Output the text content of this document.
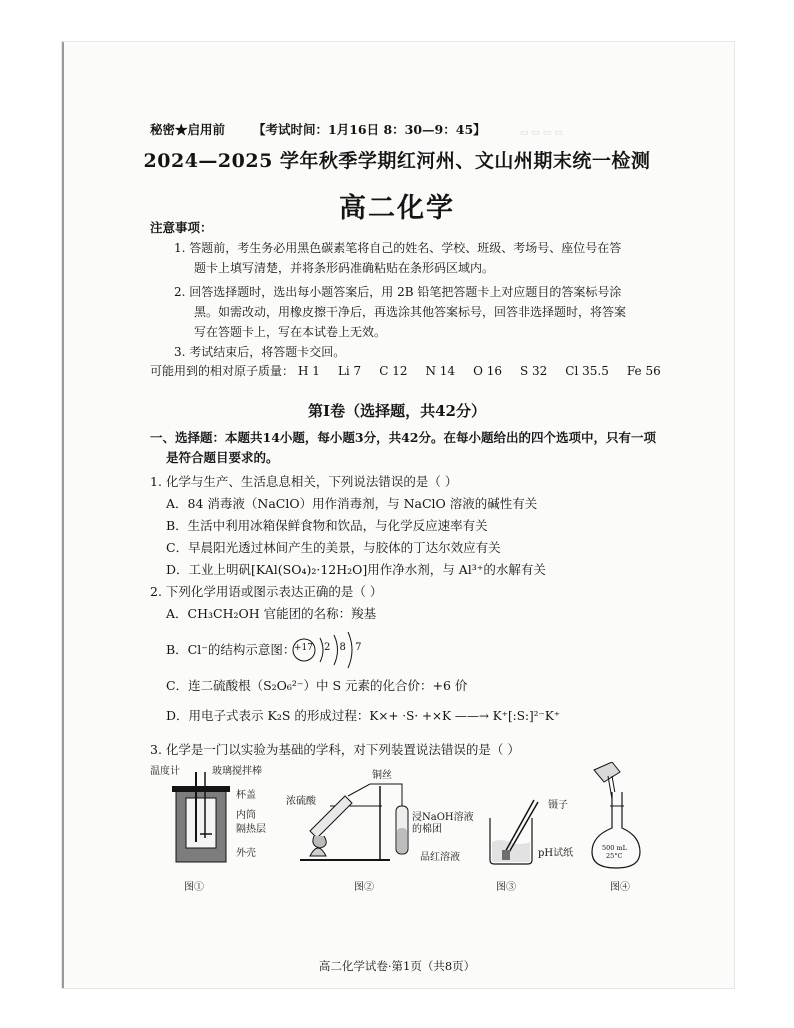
▭ ▭ ▭ ▭
秘密★启用前 【考试时间：1月16日 8：30—9：45】
2024—2025 学年秋季学期红河州、文山州期末统一检测
高二化学
注意事项：
1. 答题前，考生务必用黑色碳素笔将自己的姓名、学校、班级、考场号、座位号在答
题卡上填写清楚，并将条形码准确粘贴在条形码区域内。
2. 回答选择题时，选出每小题答案后，用 2B 铅笔把答题卡上对应题目的答案标号涂
黑。如需改动，用橡皮擦干净后，再选涂其他答案标号，回答非选择题时，将答案
写在答题卡上，写在本试卷上无效。
3. 考试结束后，将答题卡交回。
可能用到的相对原子质量： H 1 Li 7 C 12 N 14 O 16 S 32 Cl 35.5 Fe 56
第Ⅰ卷（选择题，共42分）
一、选择题：本题共14小题，每小题3分，共42分。在每小题给出的四个选项中，只有一项
是符合题目要求的。
1. 化学与生产、生活息息相关，下列说法错误的是（ ）
A．84 消毒液（NaClO）用作消毒剂，与 NaClO 溶液的碱性有关
B．生活中利用冰箱保鲜食物和饮品，与化学反应速率有关
C．早晨阳光透过林间产生的美景，与胶体的丁达尔效应有关
D．工业上明矾[KAl(SO₄)₂·12H₂O]用作净水剂，与 Al³⁺的水解有关
2. 下列化学用语或图示表达正确的是（ ）
A．CH₃CH₂OH 官能团的名称：羧基
B．Cl⁻的结构示意图：
+17 2 8 7
C．连二硫酸根（S₂O₆²⁻）中 S 元素的化合价：+6 价
D．用电子式表示 K₂S 的形成过程：K×+ ·S· +×K ——→ K⁺[:S:]²⁻K⁺
3. 化学是一门以实验为基础的学科，对下列装置说法错误的是（ ）
温度计	玻璃搅拌棒
杯盖
内筒
隔热层
外壳
图①
浓硫酸
铜丝
浸NaOH溶液的棉团
品红溶液
图②
镊子
pH试纸
图③
500 mL
25°C
图④
高二化学试卷·第1页（共8页）
